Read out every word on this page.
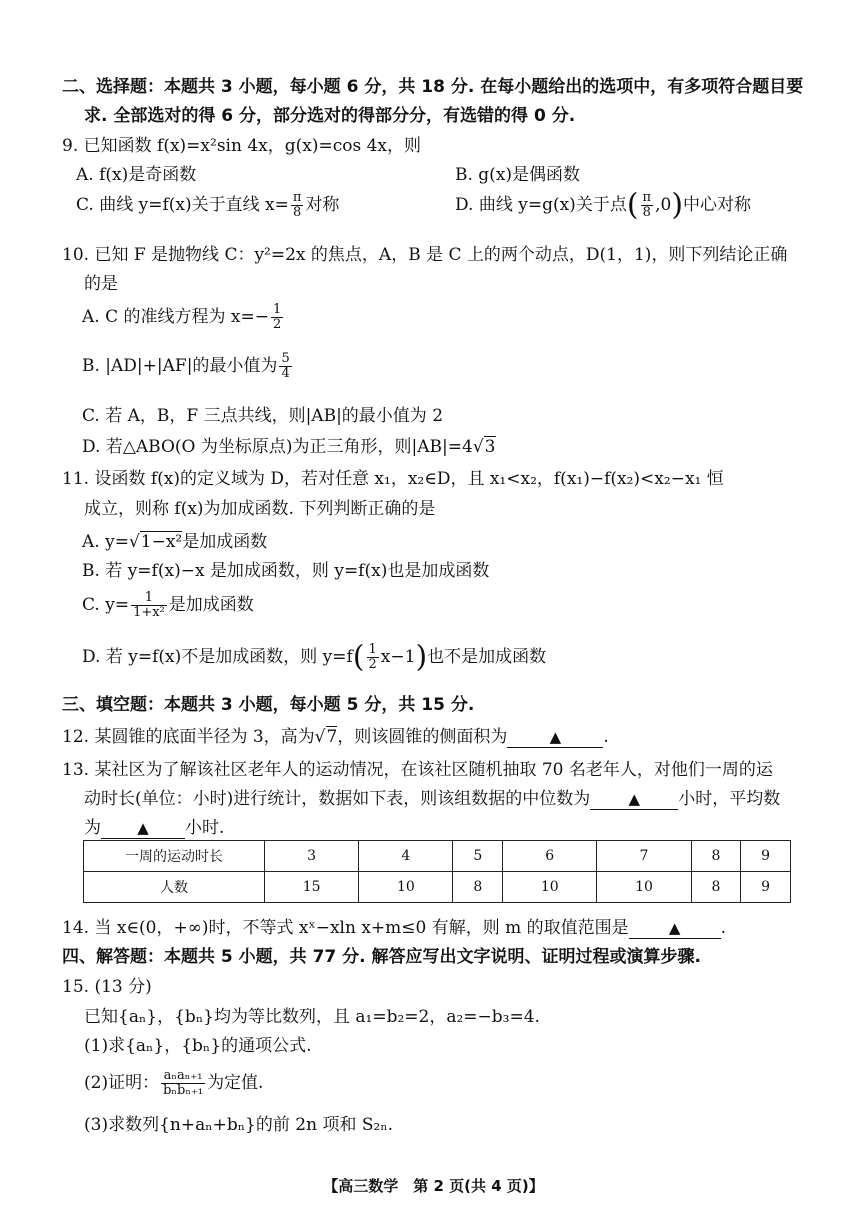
二、选择题：本题共 3 小题，每小题 6 分，共 18 分. 在每小题给出的选项中，有多项符合题目要
求. 全部选对的得 6 分，部分选对的得部分分，有选错的得 0 分.
9. 已知函数 f(x)=x²sin 4x，g(x)=cos 4x，则
A. f(x)是奇函数	B. g(x)是偶函数
C. 曲线 y=f(x)关于直线 $x= \frac{\pi}{8}$ 对称	D. 曲线 y=g(x)关于点( $\frac{\pi}{8} ,0$)中心对称
10. 已知 F 是抛物线 C：y²=2x 的焦点，A，B 是 C 上的两个动点，D(1，1)，则下列结论正确
的是
A. C 的准线方程为 $x=- \frac{1}{2}$
B. |AD|+|AF|的最小值为 $\frac{5}{4}$
C. 若 A，B，F 三点共线，则|AB|的最小值为 2
D. 若△ABO(O 为坐标原点)为正三角形，则|AB|=4√3
11. 设函数 f(x)的定义域为 D，若对任意 x₁，x₂∈D，且 x₁<x₂，f(x₁)−f(x₂)<x₂−x₁ 恒
成立，则称 f(x)为加成函数. 下列判断正确的是
A. y=√1−x²是加成函数
B. 若 y=f(x)−x 是加成函数，则 y=f(x)也是加成函数
C. $y= \frac{1}{\text{1+x²}}$ 是加成函数
D. 若 y=f(x)不是加成函数，则 $y=f( \frac{1}{2} x-1)$也不是加成函数
三、填空题：本题共 3 小题，每小题 5 分，共 15 分.
12. 某圆锥的底面半径为 3，高为√7，则该圆锥的侧面积为	▲ .
13. 某社区为了解该社区老年人的运动情况，在该社区随机抽取 70 名老年人，对他们一周的运
动时长(单位：小时)进行统计，数据如下表，则该组数据的中位数为	▲ 小时，平均数
为 ▲ 小时.
一周的运动时长	3	4	5	6	7	8	9
人数	15	10	8	10	10	8	9
14. 当 x∈(0，+∞)时，不等式 xˣ−xln x+m≤0 有解，则 m 的取值范围是	▲ .
四、解答题：本题共 5 小题，共 77 分. 解答应写出文字说明、证明过程或演算步骤.
15. (13 分)
已知{aₙ}，{bₙ}均为等比数列，且 a₁=b₂=2，a₂=−b₃=4.
(1)求{aₙ}，{bₙ}的通项公式.
(2)证明： $\frac{\text{aₙaₙ₊₁}}{\text{bₙbₙ₊₁}}$ 为定值.
(3)求数列{n+aₙ+bₙ}的前 2n 项和 S₂ₙ.
【高三数学　第 2 页(共 4 页)】
